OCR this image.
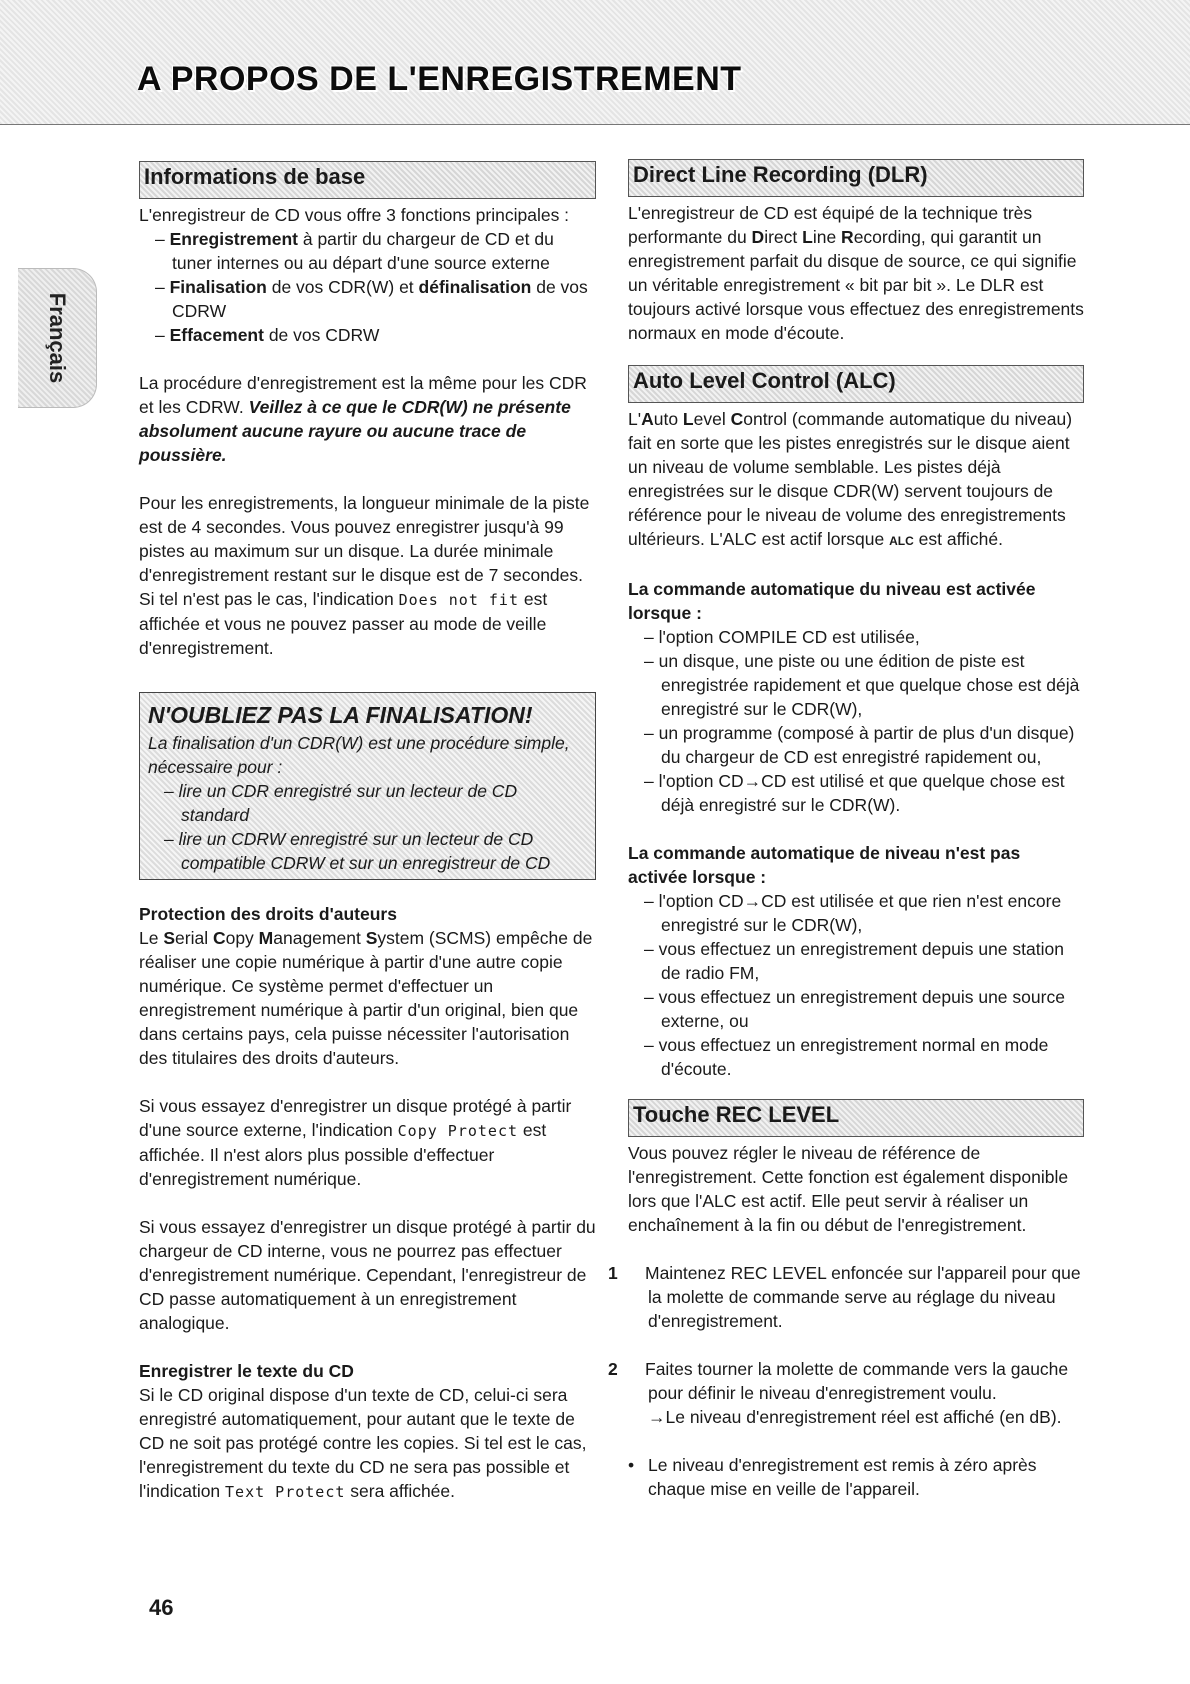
A PROPOS DE L'ENREGISTREMENT
Français
Informations de base

L'enregistreur de CD vous offre 3 fonctions principales :

– Enregistrement à partir du chargeur de CD et du tuner internes ou au départ d'une source externe

– Finalisation de vos CDR(W) et définalisation de vos CDRW

– Effacement de vos CDRW

La procédure d'enregistrement est la même pour les CDR et les CDRW. Veillez à ce que le CDR(W) ne présente absolument aucune rayure ou aucune trace de poussière.

Pour les enregistrements, la longueur minimale de la piste est de 4 secondes. Vous pouvez enregistrer jusqu'à 99 pistes au maximum sur un disque. La durée minimale d'enregistrement restant sur le disque est de 7 secondes. Si tel n'est pas le cas, l'indication Does not fit est affichée et vous ne pouvez passer au mode de veille d'enregistrement.

N'OUBLIEZ PAS LA FINALISATION!

La finalisation d'un CDR(W) est une procédure simple, nécessaire pour :

– lire un CDR enregistré sur un lecteur de CD standard

– lire un CDRW enregistré sur un lecteur de CD compatible CDRW et sur un enregistreur de CD

Protection des droits d'auteurs

Le Serial Copy Management System (SCMS) empêche de réaliser une copie numérique à partir d'une autre copie numérique. Ce système permet d'effectuer un enregistrement numérique à partir d'un original, bien que dans certains pays, cela puisse nécessiter l'autorisation des titulaires des droits d'auteurs.

Si vous essayez d'enregistrer un disque protégé à partir d'une source externe, l'indication Copy Protect est affichée. Il n'est alors plus possible d'effectuer d'enregistrement numérique.

Si vous essayez d'enregistrer un disque protégé à partir du chargeur de CD interne, vous ne pourrez pas effectuer d'enregistrement numérique. Cependant, l'enregistreur de CD passe automatiquement à un enregistrement analogique.

Enregistrer le texte du CD

Si le CD original dispose d'un texte de CD, celui-ci sera enregistré automatiquement, pour autant que le texte de CD ne soit pas protégé contre les copies. Si tel est le cas, l'enregistrement du texte du CD ne sera pas possible et l'indication Text Protect sera affichée.

Direct Line Recording (DLR)

L'enregistreur de CD est équipé de la technique très performante du Direct Line Recording, qui garantit un enregistrement parfait du disque de source, ce qui signifie un véritable enregistrement « bit par bit ». Le DLR est toujours activé lorsque vous effectuez des enregistrements normaux en mode d'écoute.

Auto Level Control (ALC)

L'Auto Level Control (commande automatique du niveau) fait en sorte que les pistes enregistrés sur le disque aient un niveau de volume semblable. Les pistes déjà enregistrées sur le disque CDR(W) servent toujours de référence pour le niveau de volume des enregistrements ultérieurs. L'ALC est actif lorsque ALC est affiché.

La commande automatique du niveau est activée lorsque :

– l'option COMPILE CD est utilisée,

– un disque, une piste ou une édition de piste est enregistrée rapidement et que quelque chose est déjà enregistré sur le CDR(W),

– un programme (composé à partir de plus d'un disque) du chargeur de CD est enregistré rapidement ou,

– l'option CD→CD est utilisé et que quelque chose est déjà enregistré sur le CDR(W).

La commande automatique de niveau n'est pas activée lorsque :

– l'option CD→CD est utilisée et que rien n'est encore enregistré sur le CDR(W),

– vous effectuez un enregistrement depuis une station de radio FM,

– vous effectuez un enregistrement depuis une source externe, ou

– vous effectuez un enregistrement normal en mode d'écoute.

Touche REC LEVEL

Vous pouvez régler le niveau de référence de l'enregistrement. Cette fonction est également disponible lors que l'ALC est actif. Elle peut servir à réaliser un enchaînement à la fin ou début de l'enregistrement.

1 Maintenez REC LEVEL enfoncée sur l'appareil pour que la molette de commande serve au réglage du niveau d'enregistrement.

2 Faites tourner la molette de commande vers la gauche pour définir le niveau d'enregistrement voulu.

→Le niveau d'enregistrement réel est affiché (en dB).

• Le niveau d'enregistrement est remis à zéro après chaque mise en veille de l'appareil.

46
